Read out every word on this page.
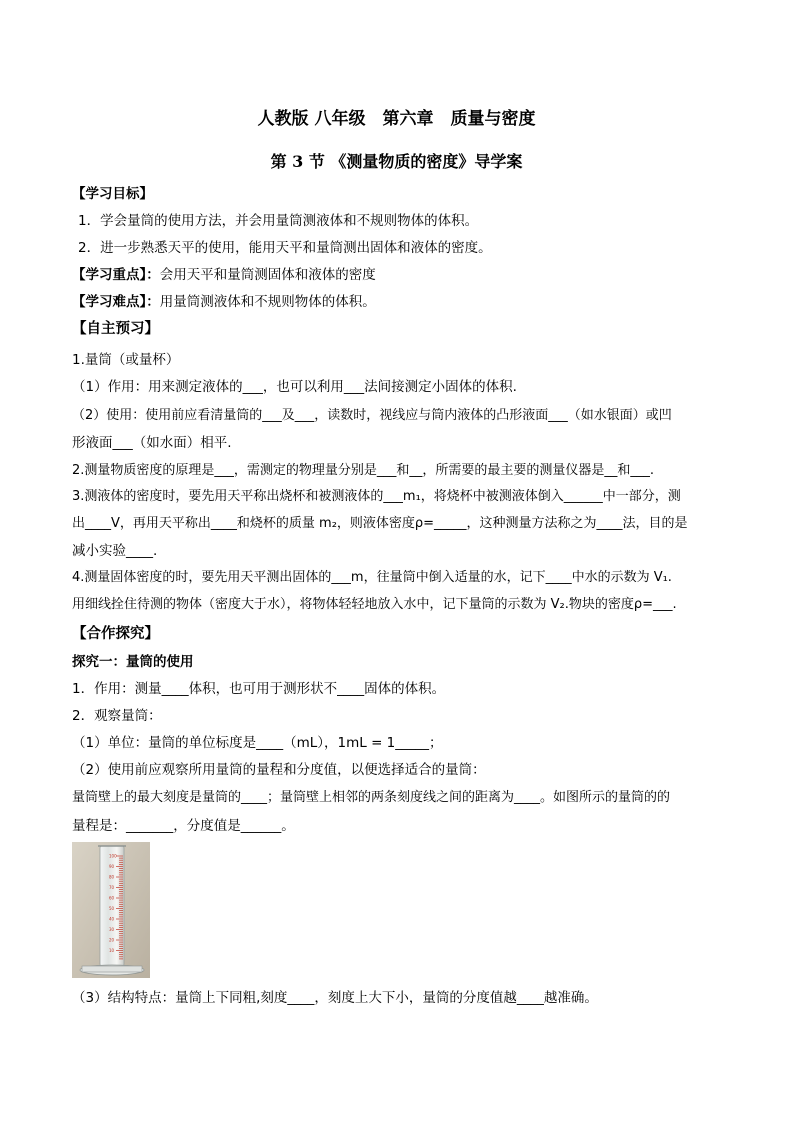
人教版 八年级　第六章　质量与密度
第 3 节 《测量物质的密度》导学案
【学习目标】
1．学会量筒的使用方法，并会用量筒测液体和不规则物体的体积。
2．进一步熟悉天平的使用，能用天平和量筒测出固体和液体的密度。
【学习重点】：会用天平和量筒测固体和液体的密度
【学习难点】：用量筒测液体和不规则物体的体积。
【自主预习】
1.量筒（或量杯）
（1）作用：用来测定液体的___，也可以利用___法间接测定小固体的体积.
（2）使用：使用前应看清量筒的___及___，读数时，视线应与筒内液体的凸形液面___（如水银面）或凹
形液面___（如水面）相平.
2.测量物质密度的原理是___，需测定的物理量分别是___和__，所需要的最主要的测量仪器是__和___.
3.测液体的密度时，要先用天平称出烧杯和被测液体的___m₁，将烧杯中被测液体倒入______中一部分，测
出____V，再用天平称出____和烧杯的质量 m₂，则液体密度ρ=_____，这种测量方法称之为____法，目的是
减小实验____.
4.测量固体密度的时，要先用天平测出固体的___m，往量筒中倒入适量的水，记下____中水的示数为 V₁.
用细线拴住待测的物体（密度大于水），将物体轻轻地放入水中，记下量筒的示数为 V₂.物块的密度ρ=___.
【合作探究】
探究一：量筒的使用
1．作用：测量____体积，也可用于测形状不____固体的体积。
2．观察量筒：
（1）单位：量筒的单位标度是____（mL），1mL = 1_____；
（2）使用前应观察所用量筒的量程和分度值，以便选择适合的量筒：
量筒壁上的最大刻度是量筒的____；量筒壁上相邻的两条刻度线之间的距离为____。如图所示的量筒的的
量程是：_______，分度值是______。
100
90
80
70
60
50
40
30
20
10
（3）结构特点：量筒上下同粗,刻度____，刻度上大下小，量筒的分度值越____越准确。
